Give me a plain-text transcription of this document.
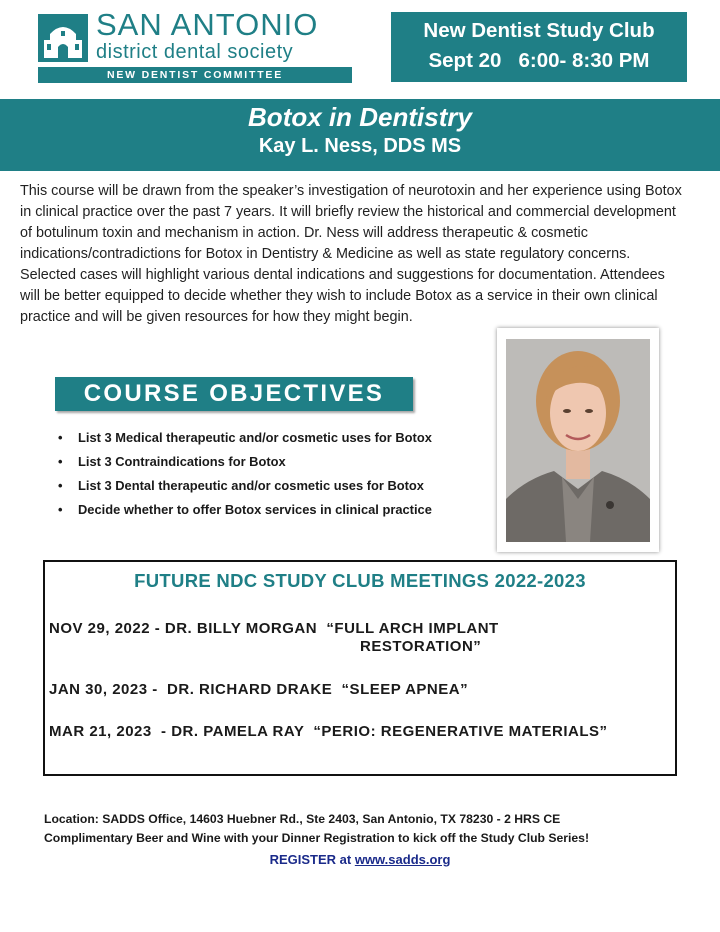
SAN ANTONIO
district dental society
NEW DENTIST COMMITTEE
New Dentist Study Club
Sept 20   6:00- 8:30 PM
Botox in Dentistry
Kay L. Ness, DDS MS
This course will be drawn from the speaker’s investigation of neurotoxin and her experience using Botox in clinical practice over the past 7 years. It will briefly review the historical and commercial development of botulinum toxin and mechanism in action. Dr. Ness will address therapeutic & cosmetic indications/contradictions for Botox in Dentistry & Medicine as well as state regulatory concerns. Selected cases will highlight various dental indications and suggestions for documentation. Attendees will be better equipped to decide whether they wish to include Botox as a service in their own clinical practice and will be given resources for how they might begin.
COURSE OBJECTIVES
• List 3 Medical therapeutic and/or cosmetic uses for Botox
• List 3 Contraindications for Botox
• List 3 Dental therapeutic and/or cosmetic uses for Botox
• Decide whether to offer Botox services in clinical practice
FUTURE NDC STUDY CLUB MEETINGS 2022-2023
NOV 29, 2022 - DR. BILLY MORGAN  “FULL ARCH IMPLANT
RESTORATION”
JAN 30, 2023 -  DR. RICHARD DRAKE  “SLEEP APNEA”
MAR 21, 2023  - DR. PAMELA RAY  “PERIO: REGENERATIVE MATERIALS”
Location: SADDS Office, 14603 Huebner Rd., Ste 2403, San Antonio, TX 78230 - 2 HRS CE
Complimentary Beer and Wine with your Dinner Registration to kick off the Study Club Series!
REGISTER at www.sadds.org
